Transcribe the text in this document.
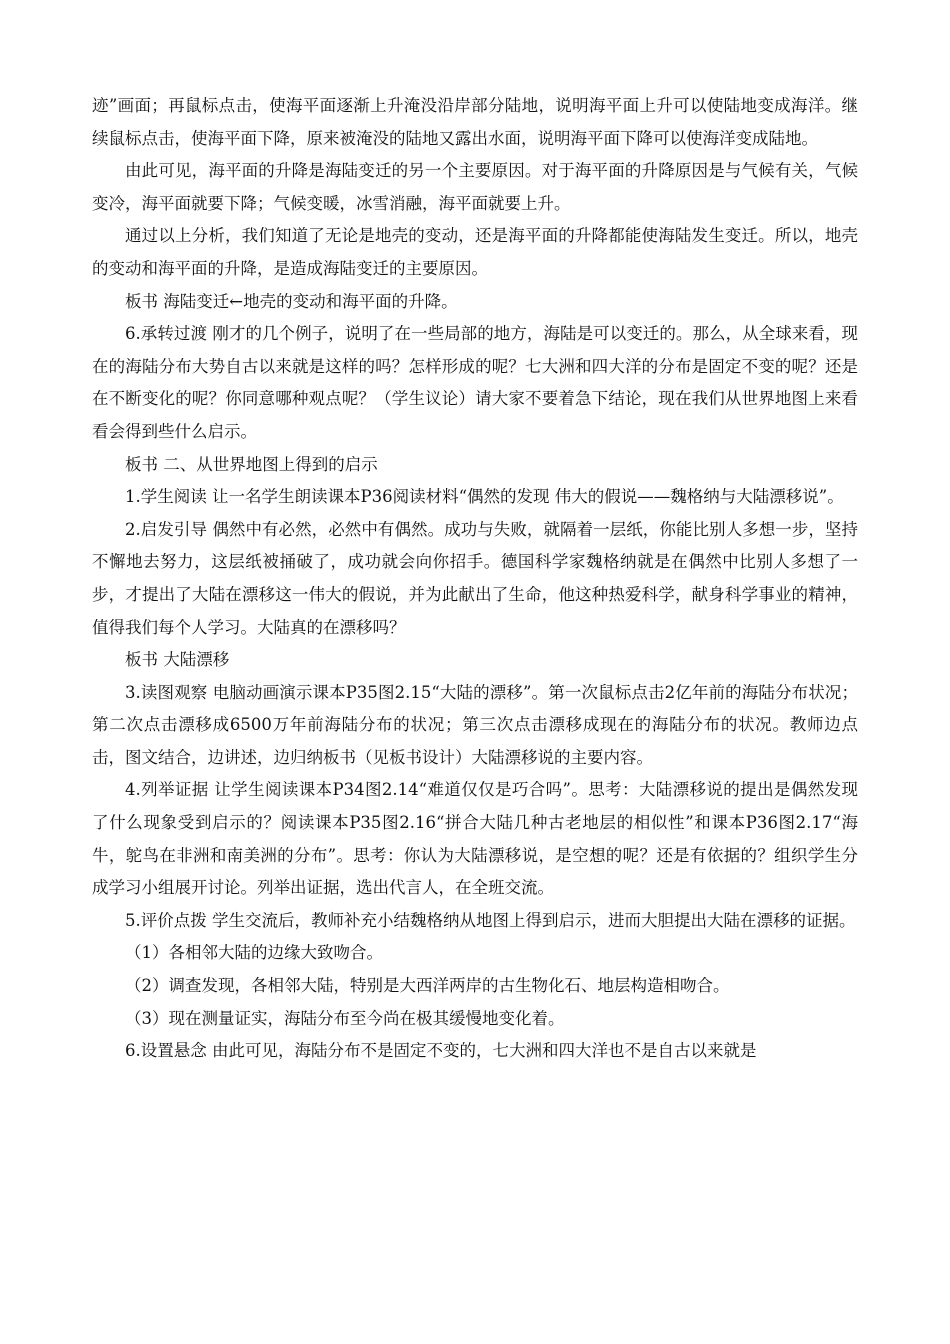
迹”画面；再鼠标点击，使海平面逐渐上升淹没沿岸部分陆地，说明海平面上升可以使陆地变成海洋。继续鼠标点击，使海平面下降，原来被淹没的陆地又露出水面，说明海平面下降可以使海洋变成陆地。

由此可见，海平面的升降是海陆变迁的另一个主要原因。对于海平面的升降原因是与气候有关，气候变冷，海平面就要下降；气候变暖，冰雪消融，海平面就要上升。

通过以上分析，我们知道了无论是地壳的变动，还是海平面的升降都能使海陆发生变迁。所以，地壳的变动和海平面的升降，是造成海陆变迁的主要原因。

板书 海陆变迁←地壳的变动和海平面的升降。

6.承转过渡 刚才的几个例子，说明了在一些局部的地方，海陆是可以变迁的。那么，从全球来看，现在的海陆分布大势自古以来就是这样的吗？怎样形成的呢？七大洲和四大洋的分布是固定不变的呢？还是在不断变化的呢？你同意哪种观点呢？（学生议论）请大家不要着急下结论，现在我们从世界地图上来看看会得到些什么启示。

板书 二、从世界地图上得到的启示

1.学生阅读 让一名学生朗读课本P36阅读材料“偶然的发现 伟大的假说——魏格纳与大陆漂移说”。

2.启发引导 偶然中有必然，必然中有偶然。成功与失败，就隔着一层纸，你能比别人多想一步，坚持不懈地去努力，这层纸被捅破了，成功就会向你招手。德国科学家魏格纳就是在偶然中比别人多想了一步，才提出了大陆在漂移这一伟大的假说，并为此献出了生命，他这种热爱科学，献身科学事业的精神，值得我们每个人学习。大陆真的在漂移吗？

板书 大陆漂移

3.读图观察 电脑动画演示课本P35图2.15“大陆的漂移”。第一次鼠标点击2亿年前的海陆分布状况；第二次点击漂移成6500万年前海陆分布的状况；第三次点击漂移成现在的海陆分布的状况。教师边点击，图文结合，边讲述，边归纳板书（见板书设计）大陆漂移说的主要内容。

4.列举证据 让学生阅读课本P34图2.14“难道仅仅是巧合吗”。思考：大陆漂移说的提出是偶然发现了什么现象受到启示的？阅读课本P35图2.16“拼合大陆几种古老地层的相似性”和课本P36图2.17“海牛，鸵鸟在非洲和南美洲的分布”。思考：你认为大陆漂移说，是空想的呢？还是有依据的？组织学生分成学习小组展开讨论。列举出证据，选出代言人，在全班交流。

5.评价点拨 学生交流后，教师补充小结魏格纳从地图上得到启示，进而大胆提出大陆在漂移的证据。

（1）各相邻大陆的边缘大致吻合。

（2）调查发现，各相邻大陆，特别是大西洋两岸的古生物化石、地层构造相吻合。

（3）现在测量证实，海陆分布至今尚在极其缓慢地变化着。

6.设置悬念 由此可见，海陆分布不是固定不变的，七大洲和四大洋也不是自古以来就是
